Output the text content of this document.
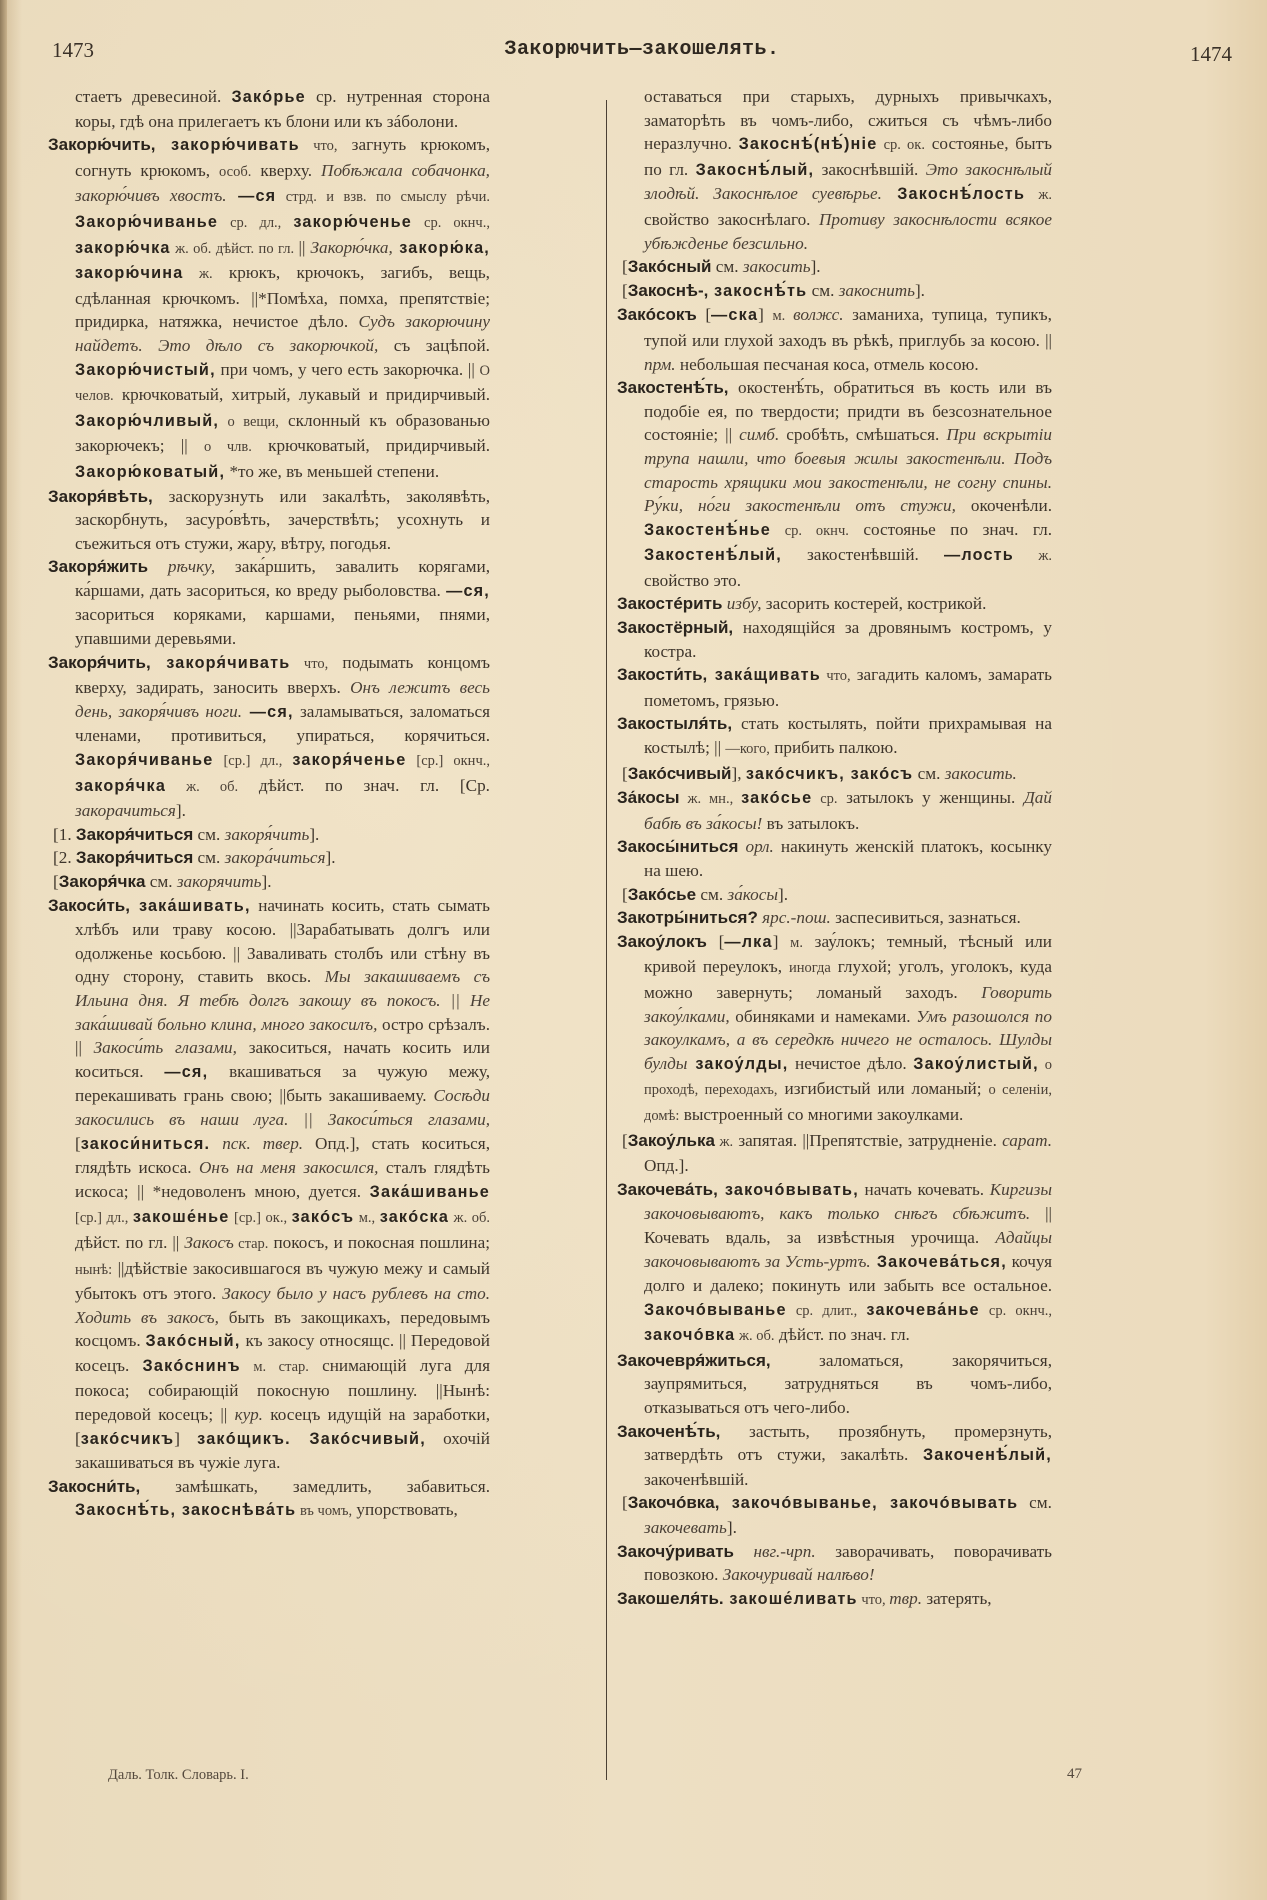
1473	Закорючить—закошелять.	1474

стаетъ древесиной. Закóрье ср. нутренная сторона коры, гдѣ она прилегаетъ къ блони или къ зáболони.

Закорю́чить, закорю́чивать что, загнуть крюкомъ, согнуть крюкомъ, особ. кверху. Побѣжала собачонка, закорю́чивъ хвостъ. —ся стрд. и взв. по смыслу рѣчи. Закорю́чиванье ср. дл., закорю́ченье ср. окнч., закорю́чка ж. об. дѣйст. по гл. || Закорю́чка, закорю́ка, закорю́чина ж. крюкъ, крючокъ, загибъ, вещь, сдѣланная крючкомъ. ||*Помѣха, помха, препятствіе; придирка, натяжка, нечистое дѣло. Судъ закорючину найдетъ. Это дѣло съ закорючкой, съ зацѣпой. Закорю́чистый, при чомъ, у чего есть закорючка. || О челов. крючковатый, хитрый, лукавый и придирчивый. Закорю́чливый, о вещи, склонный къ образованью закорючекъ; || о члв. крючковатый, придирчивый. Закорю́коватый, *то же, въ меньшей степени.

Закоря́вѣть, заскорузнуть или закалѣть, заколявѣть, заскорбнуть, засуро́вѣть, зачерствѣть; усохнуть и съежиться отъ стужи, жару, вѣтру, погодья.

Закоря́жить рѣчку, зака́ршить, завалить корягами, ка́ршами, дать засориться, ко вреду рыболовства. —ся, засориться корякaми, каршами, пеньями, пнями, упавшими деревьями.

Закоря́чить, закоря́чивать что, подымать концомъ кверху, задирать, заносить вверхъ. Онъ лежитъ весь день, закоря́чивъ ноги. —ся, заламываться, заломаться членами, противиться, упираться, корячиться. Закоря́чиванье [ср.] дл., закоря́ченье [ср.] окнч., закоря́чка ж. об. дѣйст. по знач. гл. [Ср. закорачиться].

[1. Закоря́читься см. закоря́чить].

[2. Закоря́читься см. закора́читься].

[Закоря́чка см. закорячить].

Закоси́ть, зака́шивать, начинать косить, стать сымать хлѣбъ или траву косою. ||Зарабатывать долгъ или одолженье косьбою. || Заваливать столбъ или стѣну въ одну сторону, ставить вкось. Мы закашиваемъ съ Ильина дня. Я тебѣ долгъ закошу въ покосъ. || Не зака́шивай больно клина, много закосилъ, остро срѣзалъ. || Закоси́ть глазами, закоситься, начать косить или коситься. —ся, вкашиваться за чужую межу, перекашивать грань свою; ||быть закашиваему. Сосѣди закосились въ наши луга. || Закоси́ться глазами, [закоси́ниться. пск. твер. Опд.], стать коситься, глядѣть искоса. Онъ на меня закосился, сталъ глядѣть искоса; || *недоволенъ мною, дуется. Зака́шиванье [ср.] дл., закоше́нье [ср.] ок., закóсъ м., закóска ж. об. дѣйст. по гл. || Закосъ стар. покосъ, и покосная пошлина; нынѣ: ||дѣйствіе закосившагося въ чужую межу и самый убытокъ отъ этого. Закосу было у насъ рублевъ на сто. Ходить въ закосъ, быть въ закощикахъ, передовымъ косцомъ. Закóсный, къ закосу относящс. || Передовой косецъ. Закóснинъ м. стар. снимающій луга для покоса; собирающій покосную пошлину. ||Нынѣ: передовой косецъ; || кур. косецъ идущій на заработки, [закóсчикъ] закóщикъ. Закóсчивый, охочій закашиваться въ чужіе луга.

Закосни́ть, замѣшкать, замедлить, забавиться. Закоснѣ́ть, закоснѣва́ть въ чомъ, упорствовать,

оставаться при старыхъ, дурныхъ привычкахъ, заматорѣть въ чомъ-либо, сжиться съ чѣмъ-либо неразлучно. Закоснѣ́(нѣ́)ніе ср. ок. состоянье, бытъ по гл. Закоснѣ́лый, закоснѣвшій. Это закоснѣлый злодѣй. Закоснѣлое суевѣрье. Закоснѣ́лость ж. свойство закоснѣлаго. Противу закоснѣлости всякое убѣжденье безсильно.

[Закóсный см. закосить].

[Закоснѣ-, закоснѣ́ть см. закоснить].

Закóсокъ [—ска] м. волжс. заманиха, тупица, тупикъ, тупой или глухой заходъ въ рѣкѣ, приглубь за косою. || прм. небольшая песчаная коса, отмель косою.

Закостенѣ́ть, окостенѣ́ть, обратиться въ кость или въ подобіе ея, по твердости; придти въ безсознательное состояніе; || симб. сробѣть, смѣшаться. При вскрытіи трупа нашли, что боевыя жилы закостенѣли. Подъ старость хрящики мои закостенѣли, не согну спины. Ру́ки, но́ги закостенѣли отъ стужи, окоченѣли. Закостенѣ́нье ср. окнч. состоянье по знач. гл. Закостенѣ́лый, закостенѣвшій. —лость ж. свойство это.

Закостéрить избу, засорить костерей, кострикой.

Закостёрный, находящійся за дровянымъ костромъ, у костра.

Закости́ть, зака́щивать что, загадить каломъ, замарать пометомъ, грязью.

Закостыля́ть, стать костылять, пойти прихрамывая на костылѣ; || —кого, прибить палкою.

[Закóсчивый], закóсчикъ, закóсъ см. закосить.

За́косы ж. мн., закóсье ср. затылокъ у женщины. Дай бабѣ въ за́косы! въ затылокъ.

Закосы́ниться орл. накинуть женскій платокъ, косынку на шею.

[Закóсье см. за́косы].

Закотры́ниться? ярс.-пош. заспесивиться, зазнаться.

Закоу́локъ [—лка] м. зау́локъ; темный, тѣсный или кривой переулокъ, иногда глухой; уголъ, уголокъ, куда можно завернуть; ломаный заходъ. Говорить закоу́лками, обиняками и намеками. Умъ разошолся по закоулкамъ, а въ середкѣ ничего не осталось. Шулды булды закоу́лды, нечистое дѣло. Закоу́листый, о проходѣ, переходахъ, изгибистый или ломаный; о селеніи, домѣ: выстроенный со многими закоулками.

[Закоу́лька ж. запятая. ||Препятствіе, затрудненіе. сарат. Опд.].

Закочева́ть, закочóвывать, начать кочевать. Киргизы закочовываютъ, какъ только снѣгъ сбѣжитъ. ||Кочевать вдаль, за извѣстныя урочища. Адайцы закочовываютъ за Усть-уртъ. Закочева́ться, кочуя долго и далеко; покинуть или забыть все остальное. Закочóвыванье ср. длит., закочева́нье ср. окнч., закочóвка ж. об. дѣйст. по знач. гл.

Закочевря́житься, заломаться, закорячиться, заупрямиться, затрудняться въ чомъ-либо, отказываться отъ чего-либо.

Закоченѣ́ть, застыть, прозябнуть, промерзнуть, затвердѣть отъ стужи, закалѣть. Закоченѣ́лый, закоченѣвшій.

[Закочóвка, закочóвыванье, закочóвывать см. закочевать].

Закочу́ривать нвг.-чрп. заворачивать, поворачивать повозкою. Закочуривай налѣво!

Закошеля́ть. закоше́ливать что, твр. затерять,

Даль. Толк. Словарь. I.	47
